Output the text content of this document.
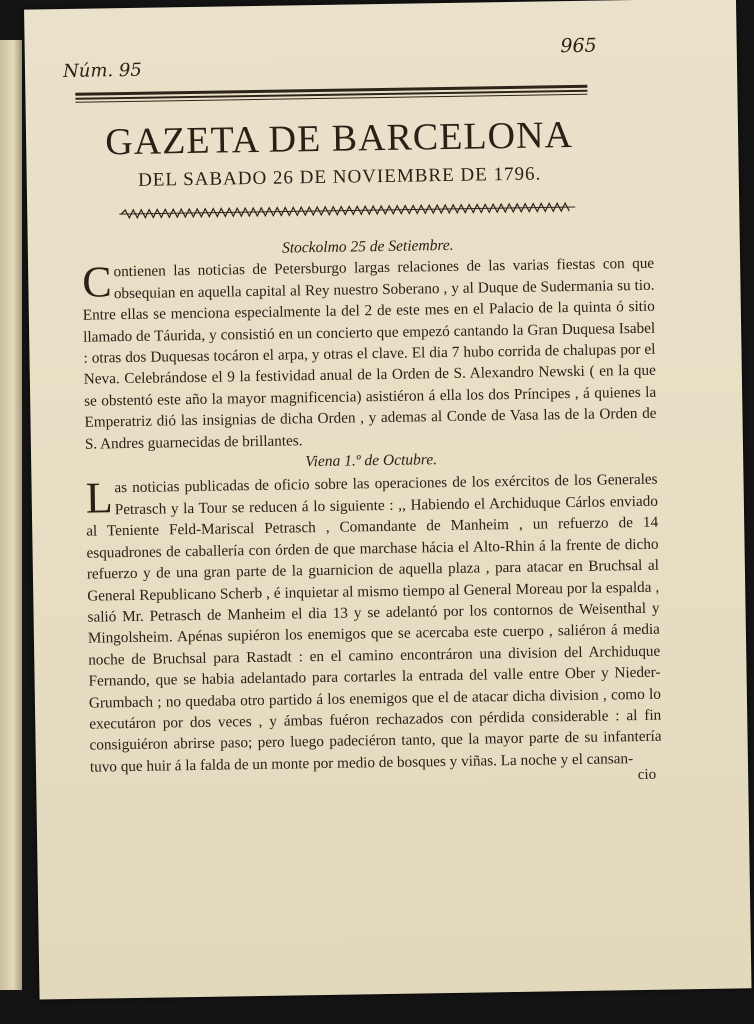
Núm. 95
965
GAZETA DE BARCELONA
DEL SABADO 26 DE NOVIEMBRE DE 1796.

Stockolmo 25 de Setiembre.

Contienen las noticias de Petersburgo largas relaciones de las varias fiestas con que obsequian en aquella capital al Rey nuestro Soberano , y al Duque de Sudermania su tio. Entre ellas se menciona especialmente la del 2 de este mes en el Palacio de la quinta ó sitio llamado de Táurida, y consistió en un concierto que empezó cantando la Gran Duquesa Isabel : otras dos Duquesas tocáron el arpa, y otras el clave. El dia 7 hubo corrida de chalupas por el Neva. Celebrándose el 9 la festividad anual de la Orden de S. Alexandro Newski ( en la que se obstentó este año la mayor magnificencia) asistiéron á ella los dos Príncipes , á quienes la Emperatriz dió las insignias de dicha Orden , y ademas al Conde de Vasa las de la Orden de S. Andres guarnecidas de brillantes.

Viena 1.º de Octubre.

Las noticias publicadas de oficio sobre las operaciones de los exércitos de los Generales Petrasch y la Tour se reducen á lo siguiente : ,, Habiendo el Archiduque Cárlos enviado al Teniente Feld-Mariscal Petrasch , Comandante de Manheim , un refuerzo de 14 esquadrones de caballería con órden de que marchase hácia el Alto-Rhin á la frente de dicho refuerzo y de una gran parte de la guarnicion de aquella plaza , para atacar en Bruchsal al General Republicano Scherb , é inquietar al mismo tiempo al General Moreau por la espalda , salió Mr. Petrasch de Manheim el dia 13 y se adelantó por los contornos de Weisenthal y Mingolsheim. Apénas supiéron los enemigos que se acercaba este cuerpo , saliéron á media noche de Bruchsal para Rastadt : en el camino encontráron una division del Archiduque Fernando, que se habia adelantado para cortarles la entrada del valle entre Ober y Nieder-Grumbach ; no quedaba otro partido á los enemigos que el de atacar dicha division , como lo executáron por dos veces , y ámbas fuéron rechazados con pérdida considerable : al fin consiguiéron abrirse paso; pero luego padeciéron tanto, que la mayor parte de su infantería tuvo que huir á la falda de un monte por medio de bosques y viñas. La noche y el cansan- cio
